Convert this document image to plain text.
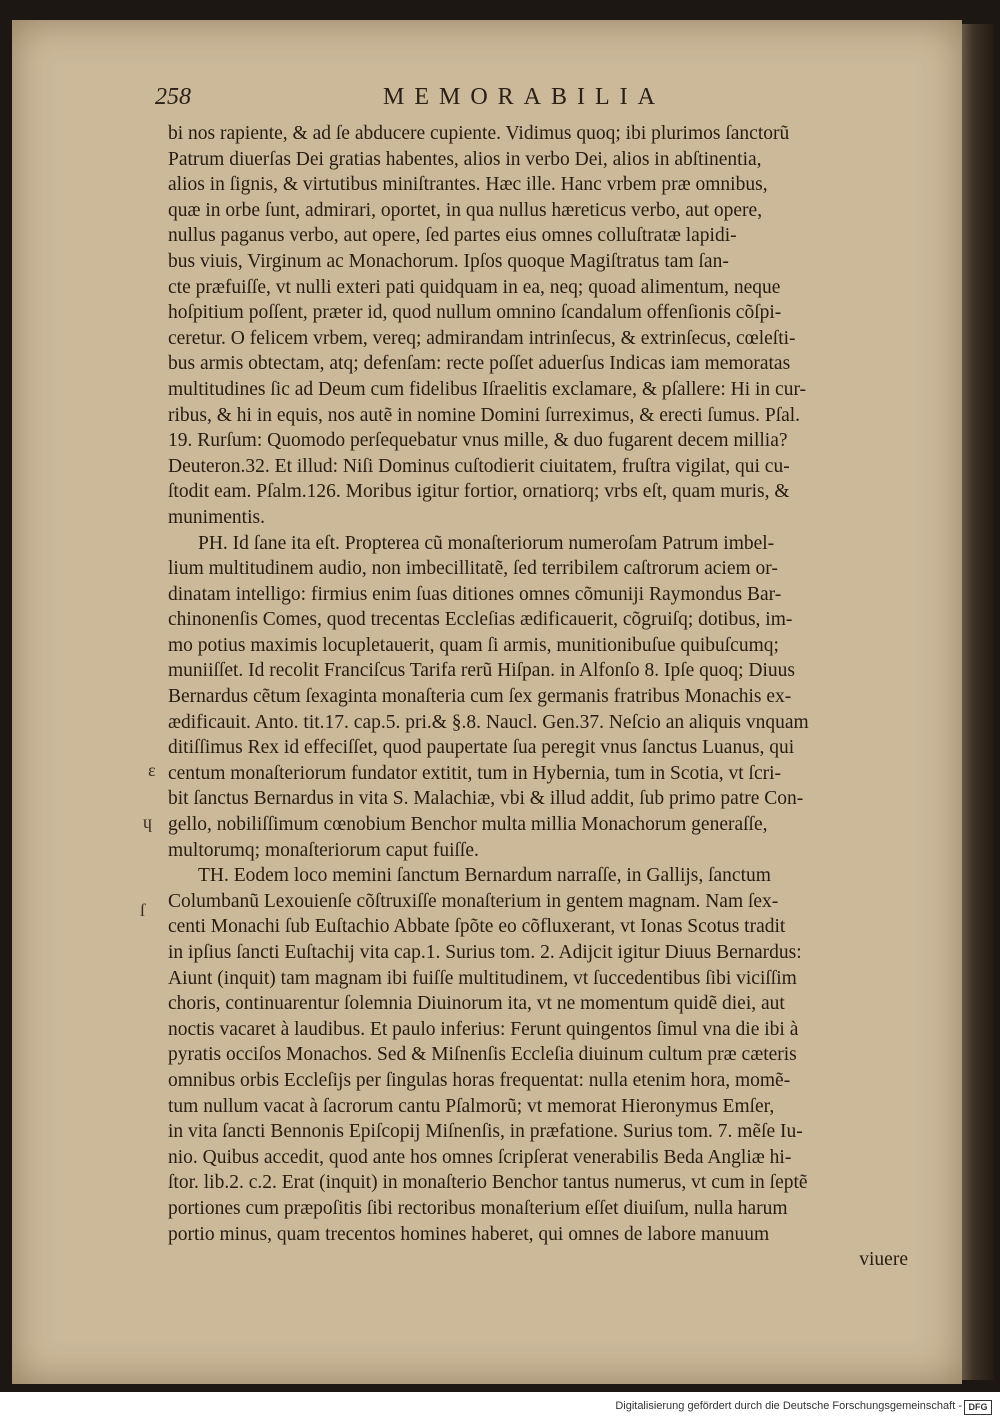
258	MEMORABILIA
bi nos rapiente, & ad ſe abducere cupiente. Vidimus quoq; ibi plurimos ſanctorũ
Patrum diuerſas Dei gratias habentes, alios in verbo Dei, alios in abſtinentia,
alios in ſignis, & virtutibus miniſtrantes. Hæc ille. Hanc vrbem præ omnibus,
quæ in orbe ſunt, admirari, oportet, in qua nullus hæreticus verbo, aut opere,
nullus paganus verbo, aut opere, ſed partes eius omnes colluſtratæ lapidi-
bus viuis, Virginum ac Monachorum. Ipſos quoque Magiſtratus tam ſan-
cte præfuiſſe, vt nulli exteri pati quidquam in ea, neq; quoad alimentum, neque
hoſpitium poſſent, præter id, quod nullum omnino ſcandalum offenſionis cõſpi-
ceretur. O felicem vrbem, vereq; admirandam intrinſecus, & extrinſecus, cœleſti-
bus armis obtectam, atq; defenſam: recte poſſet aduerſus Indicas iam memoratas
multitudines ſic ad Deum cum fidelibus Iſraelitis exclamare, & pſallere: Hi in cur-
ribus, & hi in equis, nos autẽ in nomine Domini ſurreximus, & erecti ſumus. Pſal.
19. Rurſum: Quomodo perſequebatur vnus mille, & duo fugarent decem millia?
Deuteron.32. Et illud: Niſi Dominus cuſtodierit ciuitatem, fruſtra vigilat, qui cu-
ſtodit eam. Pſalm.126. Moribus igitur fortior, ornatiorq; vrbs eſt, quam muris, &
munimentis.
PH. Id ſane ita eſt. Propterea cũ monaſteriorum numeroſam Patrum imbel-
lium multitudinem audio, non imbecillitatẽ, ſed terribilem caſtrorum aciem or-
dinatam intelligo: firmius enim ſuas ditiones omnes cõmuniji Raymondus Bar-
chinonenſis Comes, quod trecentas Eccleſias ædificauerit, cõgruiſq; dotibus, im-
mo potius maximis locupletauerit, quam ſi armis, munitionibuſue quibuſcumq;
muniiſſet. Id recolit Franciſcus Tarifa rerũ Hiſpan. in Alfonſo 8. Ipſe quoq; Diuus
Bernardus cẽtum ſexaginta monaſteria cum ſex germanis fratribus Monachis ex-
ædificauit. Anto. tit.17. cap.5. pri.& §.8. Naucl. Gen.37. Neſcio an aliquis vnquam
ditiſſimus Rex id effeciſſet, quod paupertate ſua peregit vnus ſanctus Luanus, qui
centum monaſteriorum fundator extitit, tum in Hybernia, tum in Scotia, vt ſcri-
bit ſanctus Bernardus in vita S. Malachiæ, vbi & illud addit, ſub primo patre Con-
gello, nobiliſſimum cœnobium Benchor multa millia Monachorum generaſſe,
multorumq; monaſteriorum caput fuiſſe.
TH. Eodem loco memini ſanctum Bernardum narraſſe, in Gallijs, ſanctum
Columbanũ Lexouienſe cõſtruxiſſe monaſterium in gentem magnam. Nam ſex-
centi Monachi ſub Euſtachio Abbate ſpõte eo cõfluxerant, vt Ionas Scotus tradit
in ipſius ſancti Euſtachij vita cap.1. Surius tom. 2. Adijcit igitur Diuus Bernardus:
Aiunt (inquit) tam magnam ibi fuiſſe multitudinem, vt ſuccedentibus ſibi viciſſim
choris, continuarentur ſolemnia Diuinorum ita, vt ne momentum quidẽ diei, aut
noctis vacaret à laudibus. Et paulo inferius: Ferunt quingentos ſimul vna die ibi à
pyratis occiſos Monachos. Sed & Miſnenſis Eccleſia diuinum cultum præ cæteris
omnibus orbis Eccleſijs per ſingulas horas frequentat: nulla etenim hora, momẽ-
tum nullum vacat à ſacrorum cantu Pſalmorũ; vt memorat Hieronymus Emſer,
in vita ſancti Bennonis Epiſcopij Miſnenſis, in præfatione. Surius tom. 7. mẽſe Iu-
nio. Quibus accedit, quod ante hos omnes ſcripſerat venerabilis Beda Angliæ hi-
ſtor. lib.2. c.2. Erat (inquit) in monaſterio Benchor tantus numerus, vt cum in ſeptẽ
portiones cum præpoſitis ſibi rectoribus monaſterium eſſet diuiſum, nulla harum
portio minus, quam trecentos homines haberet, qui omnes de labore manuum
viuere
ɛ
ɥ
ſ
Digitalisierung gefördert durch die Deutsche Forschungsgemeinschaft - DFG
